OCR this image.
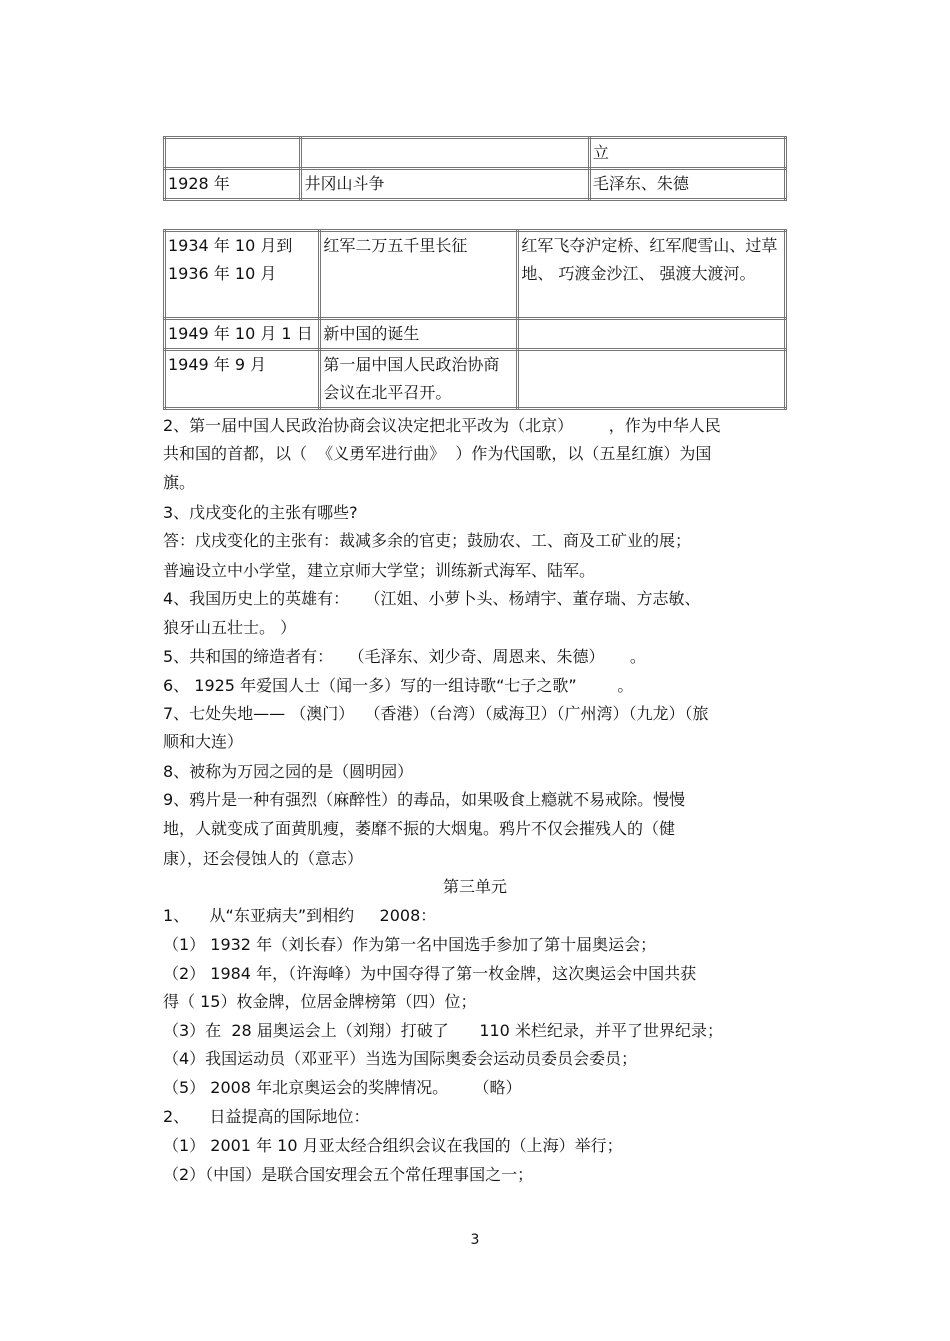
		立
1928 年	井冈山斗争	毛泽东、朱德
1934 年 10 月到 1936 年 10 月	红军二万五千里长征	红军飞夺沪定桥、红军爬雪山、过草地、 巧渡金沙江、 强渡大渡河。
1949 年 10 月 1 日	新中国的诞生	
1949 年 9 月	第一届中国人民政治协商会议在北平召开。	
2、第一届中国人民政治协商会议决定把北平改为（北京）       ，作为中华人民
共和国的首都，以（  《义勇军进行曲》  ）作为代国歌，以（五星红旗）为国
旗。
3、戊戌变化的主张有哪些?
答：戊戌变化的主张有：裁减多余的官吏；鼓励农、工、商及工矿业的展；
普遍设立中小学堂，建立京师大学堂；训练新式海军、陆军。
4、我国历史上的英雄有：   （江姐、小萝卜头、杨靖宇、董存瑞、方志敏、
狼牙山五壮士。 ）
5、共和国的缔造者有：   （毛泽东、刘少奇、周恩来、朱德）     。
6、 1925 年爱国人士（闻一多）写的一组诗歌“七子之歌”        。
7、七处失地—— （澳门）  （香港）（台湾）（威海卫）（广州湾）（九龙）（旅
顺和大连）
8、被称为万园之园的是（圆明园）
9、鸦片是一种有强烈（麻醉性）的毒品，如果吸食上瘾就不易戒除。慢慢
地，人就变成了面黄肌瘦，萎靡不振的大烟鬼。鸦片不仅会摧残人的（健
康），还会侵蚀人的（意志）
第三单元
1、    从“东亚病夫”到相约     2008：
（1） 1932 年（刘长春）作为第一名中国选手参加了第十届奥运会；
（2） 1984 年，（许海峰）为中国夺得了第一枚金牌，这次奥运会中国共获
得（ 15）枚金牌，位居金牌榜第（四）位；
（3）在  28 届奥运会上（刘翔）打破了      110 米栏纪录，并平了世界纪录；
（4）我国运动员（邓亚平）当选为国际奥委会运动员委员会委员；
（5） 2008 年北京奥运会的奖牌情况。     （略）
2、    日益提高的国际地位：
（1） 2001 年 10 月亚太经合组织会议在我国的（上海）举行；
（2）（中国）是联合国安理会五个常任理事国之一；
3
